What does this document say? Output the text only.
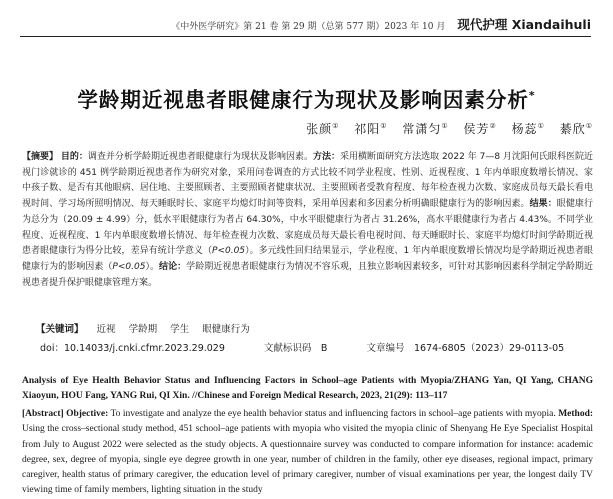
《中外医学研究》第 21 卷 第 29 期（总第 577 期）2023 年 10 月 现代护理 Xiandaihuli
学龄期近视患者眼健康行为现状及影响因素分析*
张颜① 祁阳① 常潇匀① 侯芳② 杨蕊① 綦欣①
【摘要】 目的：调查并分析学龄期近视患者眼健康行为现状及影响因素。方法：采用横断面研究方法选取 2022 年 7—8 月沈阳何氏眼科医院近视门诊就诊的 451 例学龄期近视患者作为研究对象，采用问卷调查的方式比较不同学业程度、性别、近视程度、1 年内单眼度数增长情况、家中孩子数、是否有其他眼病、居住地、主要照顾者、主要照顾者健康状况、主要照顾者受教育程度、每年检查视力次数、家庭成员每天最长看电视时间、学习场所照明情况、每天睡眠时长、家庭平均熄灯时间等资料，采用单因素和多因素分析明确眼健康行为的影响因素。结果：眼健康行为总分为（20.09 ± 4.99）分，低水平眼健康行为者占 64.30%，中水平眼健康行为者占 31.26%，高水平眼健康行为者占 4.43%。不同学业程度、近视程度、1 年内单眼度数增长情况、每年检查视力次数、家庭成员每天最长看电视时间、每天睡眠时长、家庭平均熄灯时间学龄期近视患者眼健康行为得分比较，差异有统计学意义（P<0.05）。多元线性回归结果显示，学业程度、1 年内单眼度数增长情况均是学龄期近视患者眼健康行为的影响因素（P<0.05）。结论：学龄期近视患者眼健康行为情况不容乐观，且独立影响因素较多，可针对其影响因素科学制定学龄期近视患者提升保护眼健康管理方案。
【关键词】 近视 学龄期 学生 眼健康行为
doi：10.14033/j.cnki.cfmr.2023.29.029	文献标识码　B	文章编号　1674-6805（2023）29-0113-05
Analysis of Eye Health Behavior Status and Influencing Factors in School–age Patients with Myopia/ZHANG Yan, QI Yang, CHANG Xiaoyun, HOU Fang, YANG Rui, QI Xin. //Chinese and Foreign Medical Research, 2023, 21(29): 113–117
[Abstract] Objective: To investigate and analyze the eye health behavior status and influencing factors in school–age patients with myopia. Method: Using the cross–sectional study method, 451 school–age patients with myopia who visited the myopia clinic of Shenyang He Eye Specialist Hospital from July to August 2022 were selected as the study objects. A questionnaire survey was conducted to compare information for instance: academic degree, sex, degree of myopia, single eye degree growth in one year, number of children in the family, other eye diseases, regional impact, primary caregiver, health status of primary caregiver, the education level of primary caregiver, number of visual examinations per year, the longest daily TV viewing time of family members, lighting situation in the study
